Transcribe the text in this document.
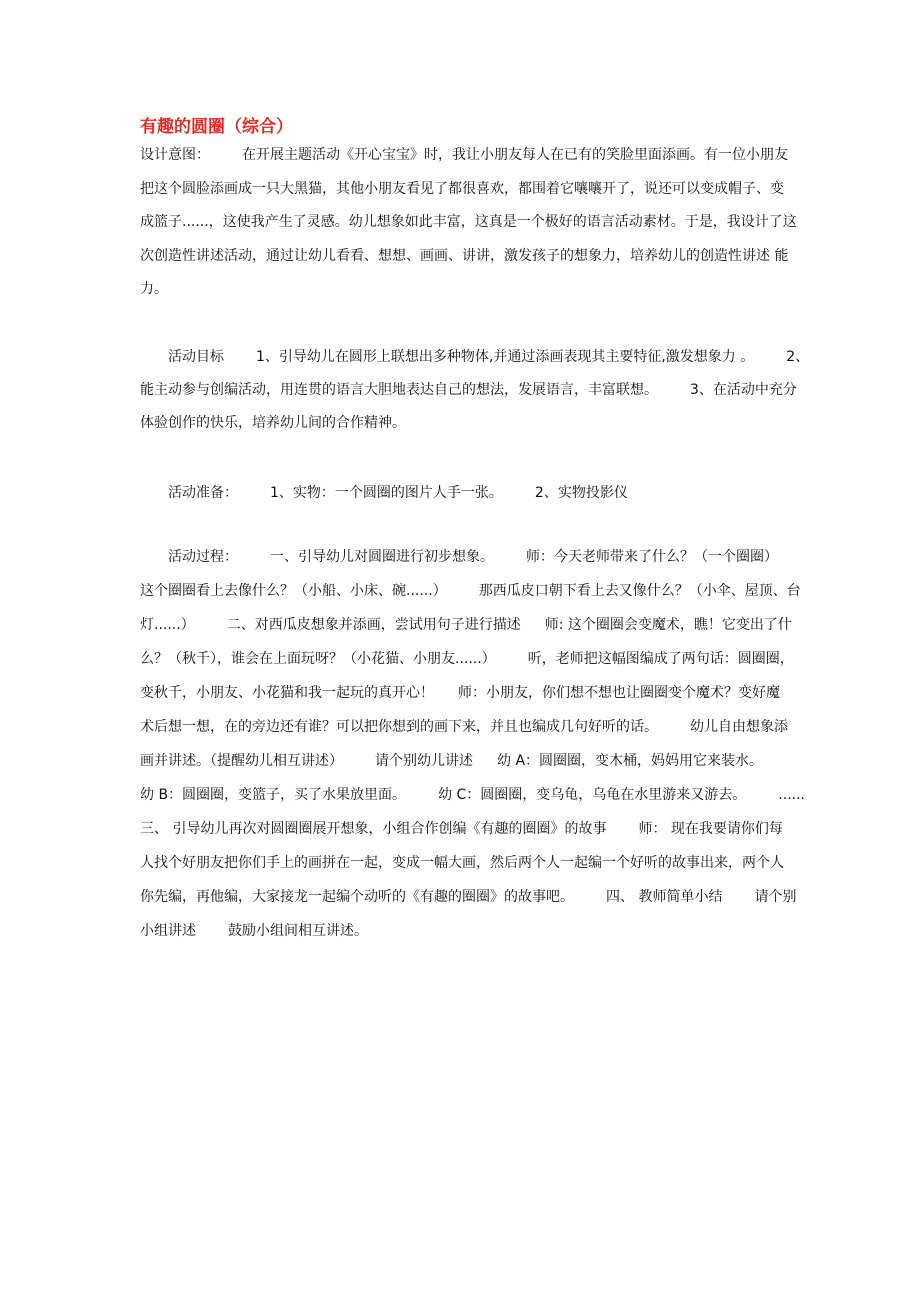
有趣的圆圈（综合）
设计意图： 在开展主题活动《开心宝宝》时，我让小朋友每人在已有的笑脸里面添画。有一位小朋友
把这个圆脸添画成一只大黑猫，其他小朋友看见了都很喜欢，都围着它嚷嚷开了，说还可以变成帽子、变
成篮子......，这使我产生了灵感。幼儿想象如此丰富，这真是一个极好的语言活动素材。于是，我设计了这
次创造性讲述活动，通过让幼儿看看、想想、画画、讲讲，激发孩子的想象力，培养幼儿的创造性讲述 能
力。
活动目标 1、引导幼儿在圆形上联想出多种物体,并通过添画表现其主要特征,激发想象力 。 2、
能主动参与创编活动，用连贯的语言大胆地表达自己的想法，发展语言，丰富联想。 3、在活动中充分
体验创作的快乐，培养幼儿间的合作精神。
活动准备： 1、实物：一个圆圈的图片人手一张。 2、实物投影仪
活动过程： 一、引导幼儿对圆圈进行初步想象。 师：今天老师带来了什么？（一个圈圈）
这个圈圈看上去像什么？（小船、小床、碗......） 那西瓜皮口朝下看上去又像什么？（小伞、屋顶、台
灯......） 二、对西瓜皮想象并添画，尝试用句子进行描述 师: 这个圈圈会变魔术，瞧！它变出了什
么？（秋千），谁会在上面玩呀？（小花猫、小朋友......） 听，老师把这幅图编成了两句话：圆圈圈，
变秋千，小朋友、小花猫和我一起玩的真开心！ 师：小朋友，你们想不想也让圈圈变个魔术？变好魔
术后想一想，在的旁边还有谁？可以把你想到的画下来，并且也编成几句好听的话。 幼儿自由想象添
画并讲述。（提醒幼儿相互讲述） 请个别幼儿讲述 幼 A：圆圈圈，变木桶，妈妈用它来装水。
幼 B：圆圈圈，变篮子，买了水果放里面。 幼 C：圆圈圈，变乌龟，乌龟在水里游来又游去。 ......
三、 引导幼儿再次对圆圈圈展开想象，小组合作创编《有趣的圈圈》的故事 师： 现在我要请你们每
人找个好朋友把你们手上的画拼在一起，变成一幅大画，然后两个人一起编一个好听的故事出来，两个人
你先编，再他编，大家接龙一起编个动听的《有趣的圈圈》的故事吧。 四、 教师简单小结 请个别
小组讲述 鼓励小组间相互讲述。
